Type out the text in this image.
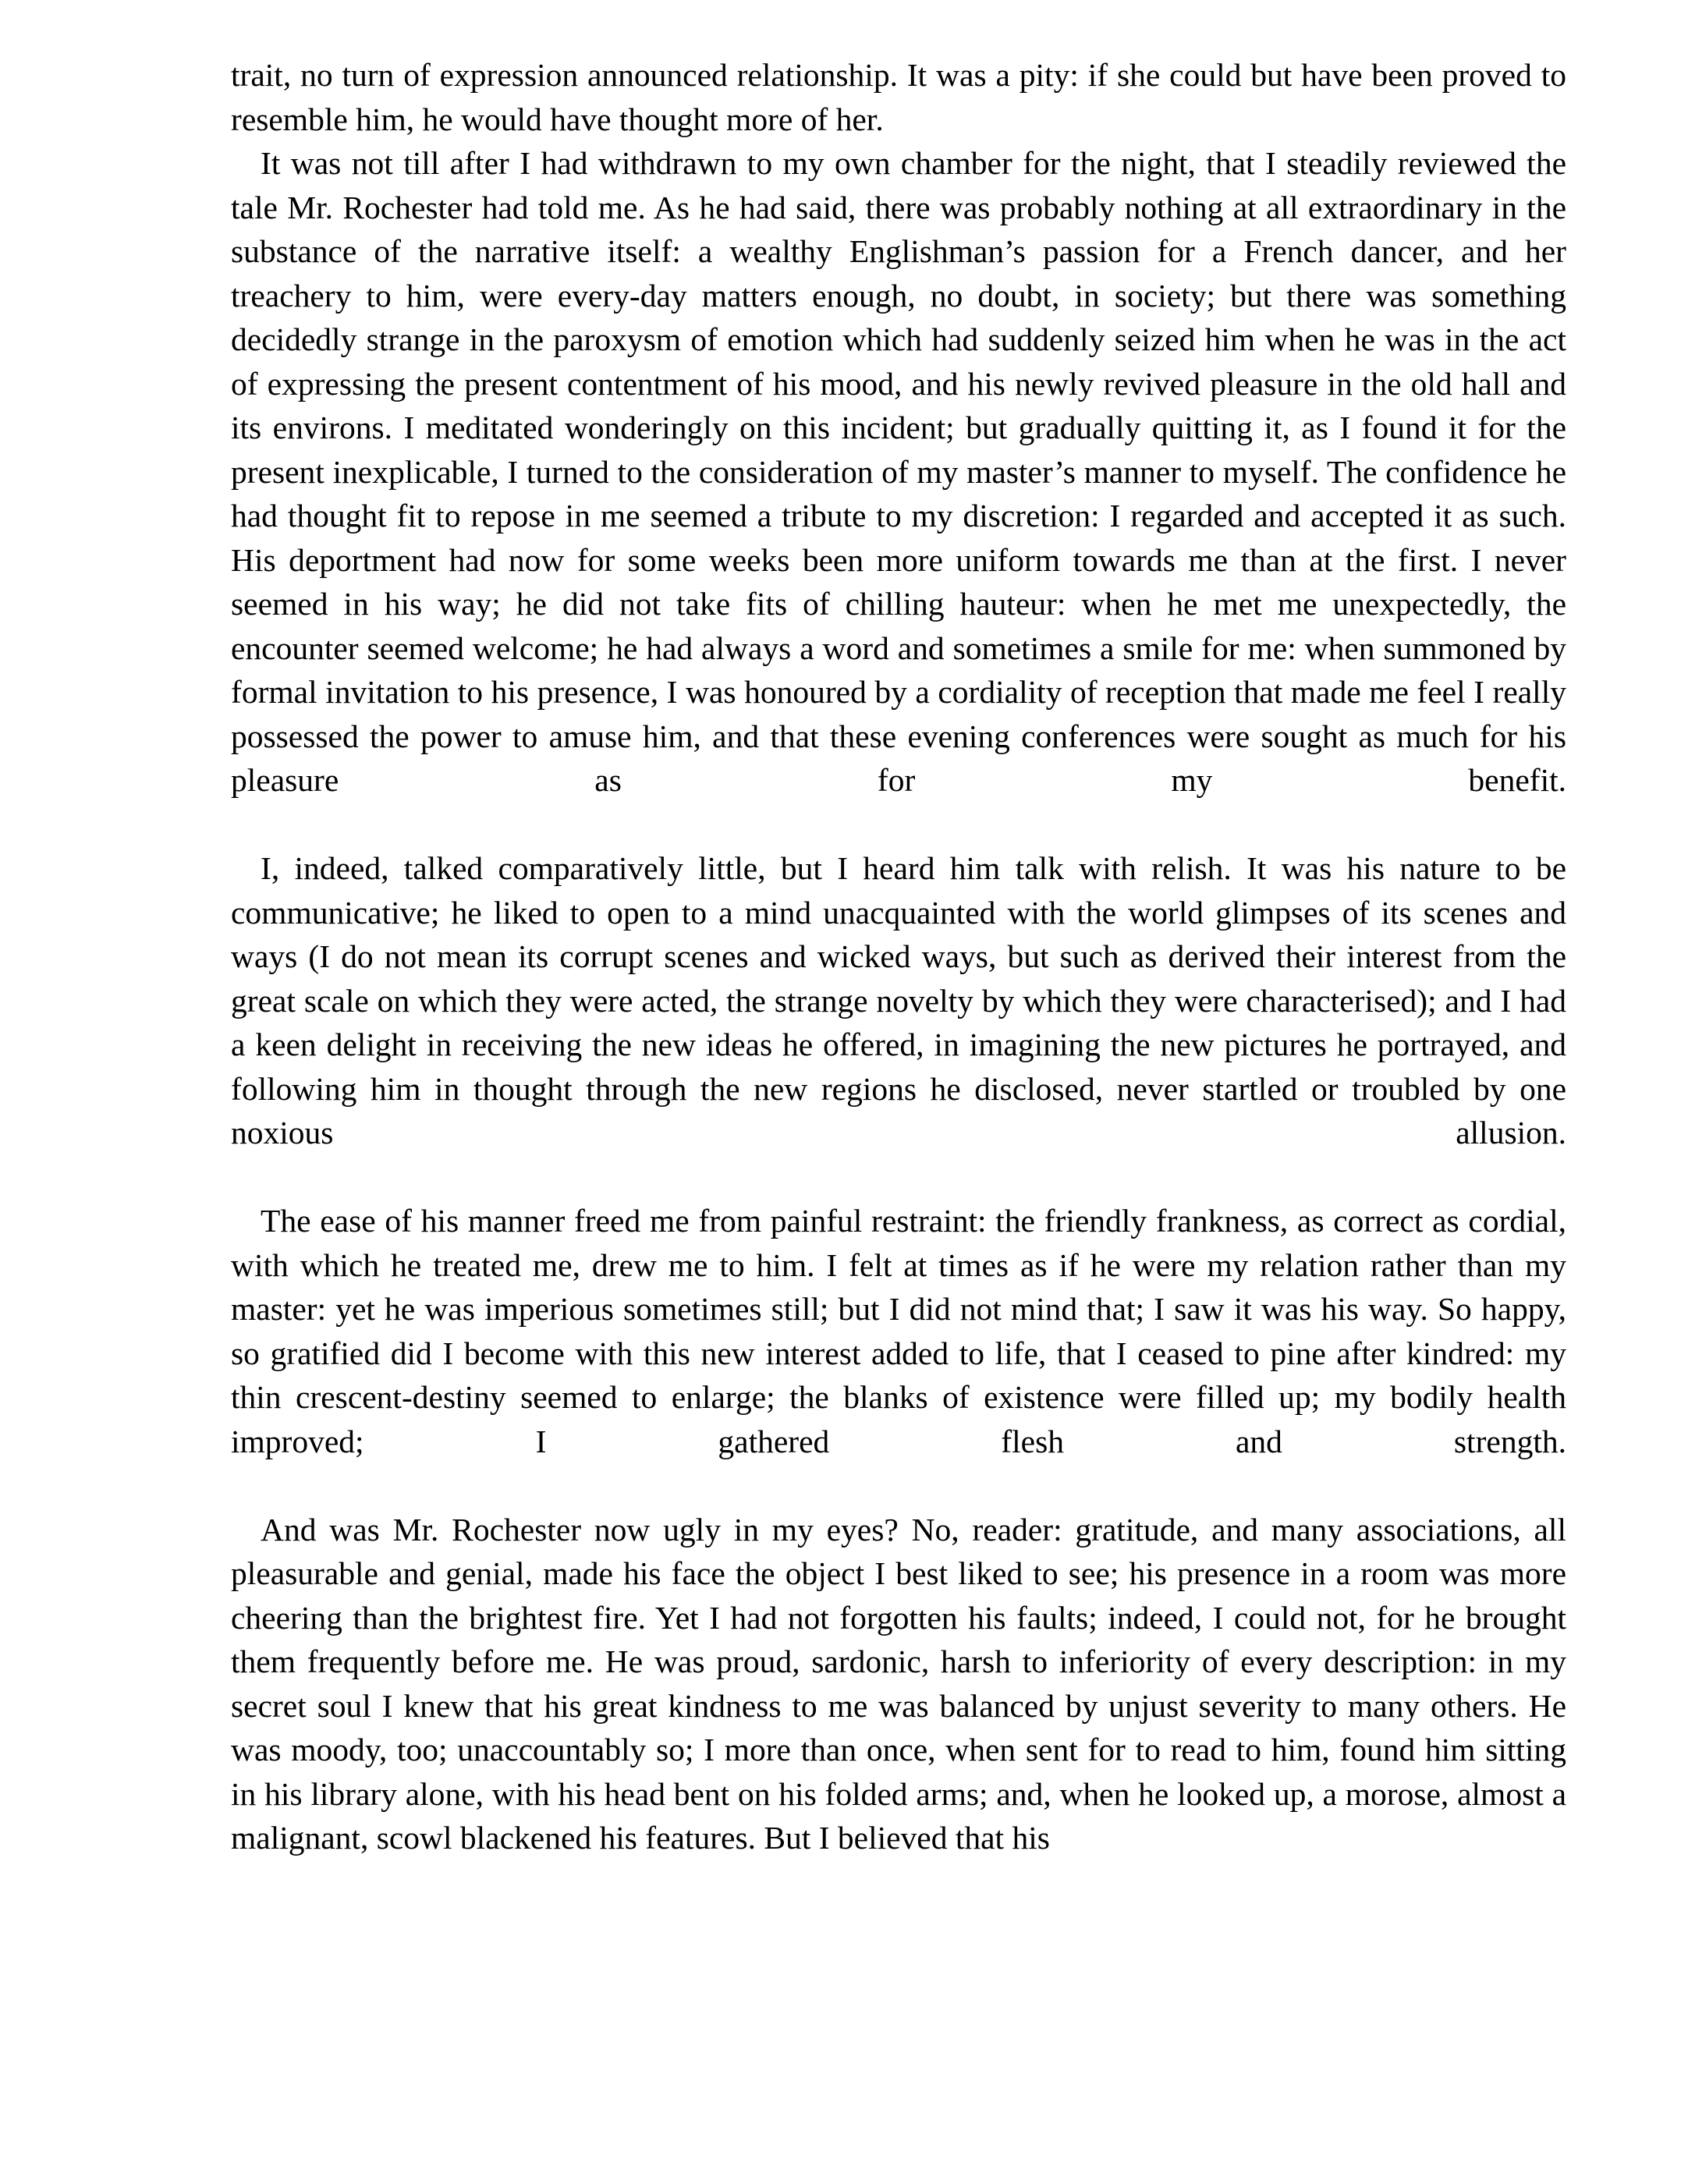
trait, no turn of expression announced relationship. It was a pity: if she could but have been proved to resemble him, he would have thought more of her.

It was not till after I had withdrawn to my own chamber for the night, that I steadily reviewed the tale Mr. Rochester had told me. As he had said, there was probably nothing at all extraordinary in the substance of the narrative itself: a wealthy Englishman’s passion for a French dancer, and her treachery to him, were every-day matters enough, no doubt, in society; but there was something decidedly strange in the paroxysm of emotion which had suddenly seized him when he was in the act of expressing the present contentment of his mood, and his newly revived pleasure in the old hall and its environs. I meditated wonderingly on this incident; but gradually quitting it, as I found it for the present inexplicable, I turned to the consideration of my master’s manner to myself. The confidence he had thought fit to repose in me seemed a tribute to my discretion: I regarded and accepted it as such. His deportment had now for some weeks been more uniform towards me than at the first. I never seemed in his way; he did not take fits of chilling hauteur: when he met me unexpectedly, the encounter seemed welcome; he had always a word and sometimes a smile for me: when summoned by formal invitation to his presence, I was honoured by a cordiality of reception that made me feel I really possessed the power to amuse him, and that these evening conferences were sought as much for his pleasure as for my benefit.

I, indeed, talked comparatively little, but I heard him talk with relish. It was his nature to be communicative; he liked to open to a mind unacquainted with the world glimpses of its scenes and ways (I do not mean its corrupt scenes and wicked ways, but such as derived their interest from the great scale on which they were acted, the strange novelty by which they were characterised); and I had a keen delight in receiving the new ideas he offered, in imagining the new pictures he portrayed, and following him in thought through the new regions he disclosed, never startled or troubled by one noxious allusion.

The ease of his manner freed me from painful restraint: the friendly frankness, as correct as cordial, with which he treated me, drew me to him. I felt at times as if he were my relation rather than my master: yet he was imperious sometimes still; but I did not mind that; I saw it was his way. So happy, so gratified did I become with this new interest added to life, that I ceased to pine after kindred: my thin crescent-destiny seemed to enlarge; the blanks of existence were filled up; my bodily health improved; I gathered flesh and strength.

And was Mr. Rochester now ugly in my eyes? No, reader: gratitude, and many associations, all pleasurable and genial, made his face the object I best liked to see; his presence in a room was more cheering than the brightest fire. Yet I had not forgotten his faults; indeed, I could not, for he brought them frequently before me. He was proud, sardonic, harsh to inferiority of every description: in my secret soul I knew that his great kindness to me was balanced by unjust severity to many others. He was moody, too; unaccountably so; I more than once, when sent for to read to him, found him sitting in his library alone, with his head bent on his folded arms; and, when he looked up, a morose, almost a malignant, scowl blackened his features. But I believed that his
